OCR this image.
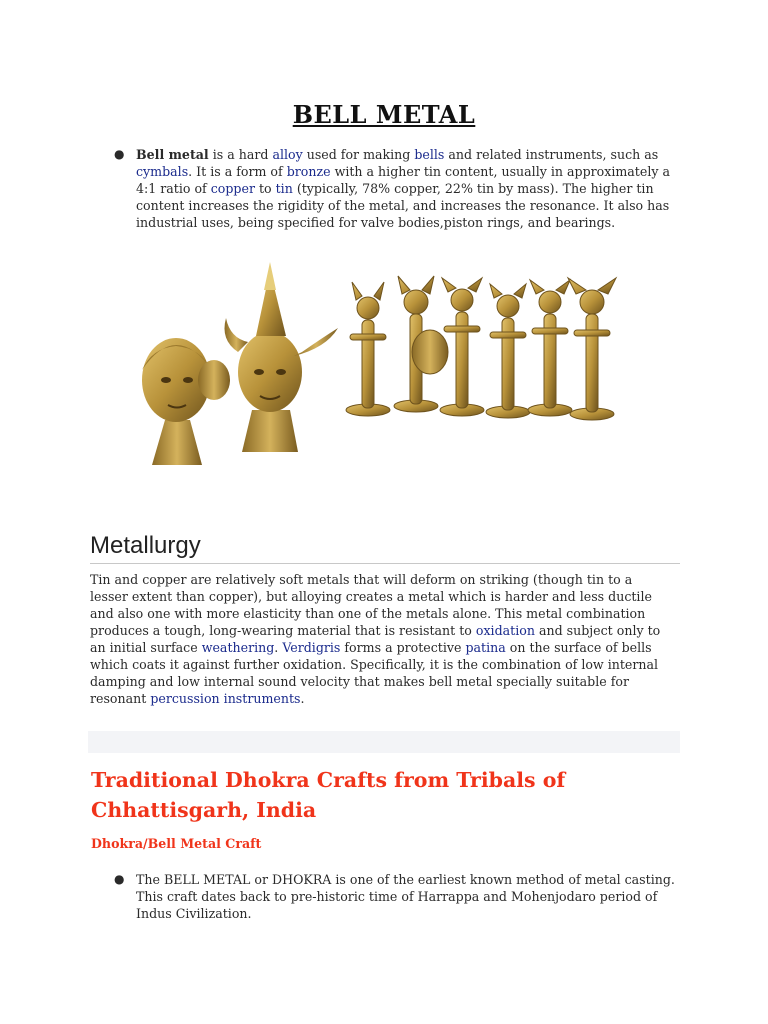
BELL METAL
● Bell metal is a hard alloy used for making bells and related instruments, such as cymbals. It is a form of bronze with a higher tin content, usually in approximately a 4:1 ratio of copper to tin (typically, 78% copper, 22% tin by mass). The higher tin content increases the rigidity of the metal, and increases the resonance. It also has industrial uses, being specified for valve bodies,piston rings, and bearings.
Metallurgy
Tin and copper are relatively soft metals that will deform on striking (though tin to a lesser extent than copper), but alloying creates a metal which is harder and less ductile and also one with more elasticity than one of the metals alone. This metal combination produces a tough, long-wearing material that is resistant to oxidation and subject only to an initial surface weathering. Verdigris forms a protective patina on the surface of bells which coats it against further oxidation. Specifically, it is the combination of low internal damping and low internal sound velocity that makes bell metal specially suitable for resonant percussion instruments.
Traditional Dhokra Crafts from Tribals of Chhattisgarh, India
Dhokra/Bell Metal Craft
● The BELL METAL or DHOKRA is one of the earliest known method of metal casting. This craft dates back to pre-historic time of Harrappa and Mohenjodaro period of Indus Civilization.
